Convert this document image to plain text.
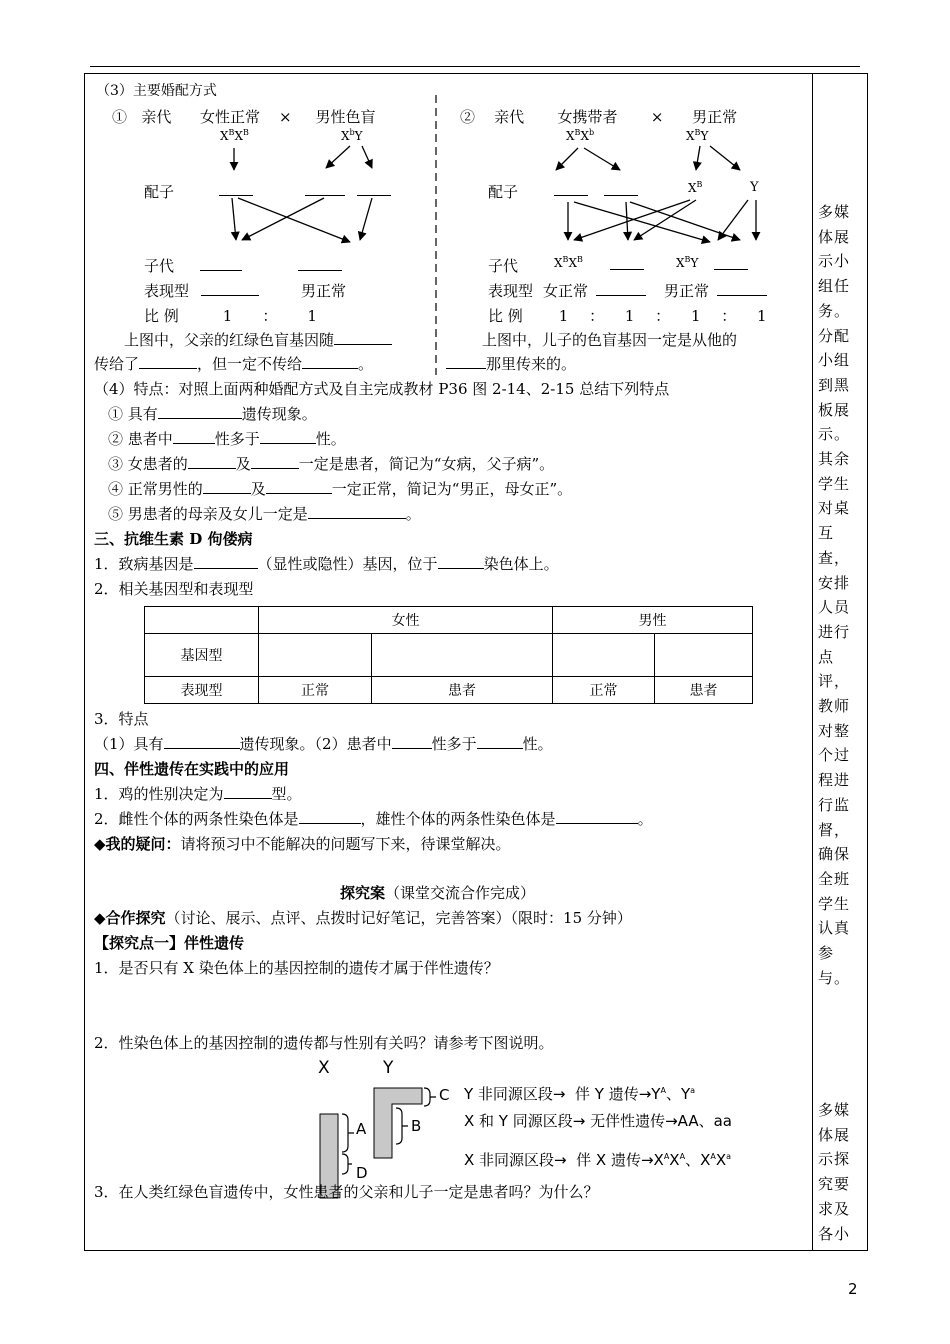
（3）主要婚配方式
① 亲代 女性正常 × 男性色盲
$X^BX^B$	$X^bY$
配子
子代
表现型	男正常
比 例	1 ： 1
上图中，父亲的红绿色盲基因随
传给了	，但一定不传给	。
② 亲代 女携带者 × 男正常
$X^BX^b$	$X^BY$
配子	$X^B$	Y
子代	$X^BX^B$	$X^BY$
表现型 女正常	男正常
比 例 1 ： 1 ： 1 ： 1
上图中，儿子的色盲基因一定是从他的
那里传来的。
（4）特点：对照上面两种婚配方式及自主完成教材 P36 图 2-14、2-15 总结下列特点
① 具有	遗传现象。
② 患者中	性多于	性。
③ 女患者的	及	一定是患者，简记为“女病，父子病”。
④ 正常男性的	及	一定正常，简记为“男正，母女正”。
⑤ 男患者的母亲及女儿一定是	。
三、抗维生素 D 佝偻病
1．致病基因是	（显性或隐性）基因，位于	染色体上。
2．相关基因型和表现型
	女性		男性	
基因型				
表现型	正常	患者	正常	患者
3．特点
（1）具有	遗传现象。（2）患者中	性多于	性。
四、伴性遗传在实践中的应用
1．鸡的性别决定为	型。
2．雌性个体的两条性染色体是	，雄性个体的两条性染色体是	。
◆我的疑问：请将预习中不能解决的问题写下来，待课堂解决。
探究案（课堂交流合作完成）
◆合作探究（讨论、展示、点评、点拨时记好笔记，完善答案）（限时：15 分钟）
【探究点一】伴性遗传
1．是否只有 X 染色体上的基因控制的遗传才属于伴性遗传？
2．性染色体上的基因控制的遗传都与性别有关吗？请参考下图说明。
X	Y
C
A	B
D
Y 非同源区段→  伴 Y 遗传$\to Y^A$、$Y^a$
X 和 Y 同源区段→ 无伴性遗传→AA、aa
X 非同源区段→  伴 X 遗传$\to X^AX^A$、$X^AX^a$
3．在人类红绿色盲遗传中，女性患者的父亲和儿子一定是患者吗？为什么？
多媒体展示小组任务。分配小组到黑板展示。其余学生对桌互查，安排人员进行点评，教师对整个过程进行监督，确保全班学生认真参与。
多媒体展示探究要求及各小
2
